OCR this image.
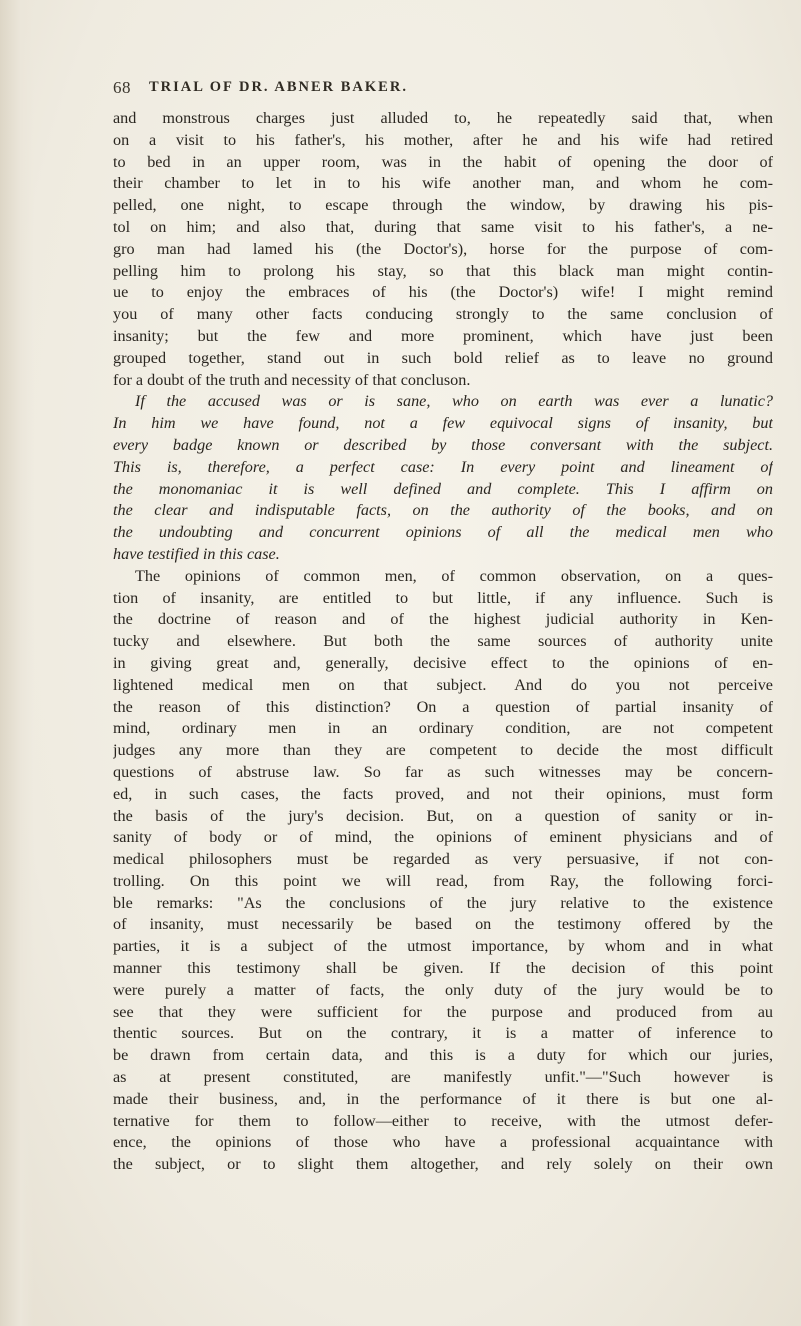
68 TRIAL OF DR. ABNER BAKER.
and monstrous charges just alluded to, he repeatedly said that, when
on a visit to his father's, his mother, after he and his wife had retired
to bed in an upper room, was in the habit of opening the door of
their chamber to let in to his wife another man, and whom he com-
pelled, one night, to escape through the window, by drawing his pis-
tol on him; and also that, during that same visit to his father's, a ne-
gro man had lamed his (the Doctor's), horse for the purpose of com-
pelling him to prolong his stay, so that this black man might contin-
ue to enjoy the embraces of his (the Doctor's) wife! I might remind
you of many other facts conducing strongly to the same conclusion of
insanity; but the few and more prominent, which have just been
grouped together, stand out in such bold relief as to leave no ground
for a doubt of the truth and necessity of that concluson.
If the accused was or is sane, who on earth was ever a lunatic?
In him we have found, not a few equivocal signs of insanity, but
every badge known or described by those conversant with the subject.
This is, therefore, a perfect case: In every point and lineament of
the monomaniac it is well defined and complete. This I affirm on
the clear and indisputable facts, on the authority of the books, and on
the undoubting and concurrent opinions of all the medical men who
have testified in this case.
The opinions of common men, of common observation, on a ques-
tion of insanity, are entitled to but little, if any influence. Such is
the doctrine of reason and of the highest judicial authority in Ken-
tucky and elsewhere. But both the same sources of authority unite
in giving great and, generally, decisive effect to the opinions of en-
lightened medical men on that subject. And do you not perceive
the reason of this distinction? On a question of partial insanity of
mind, ordinary men in an ordinary condition, are not competent
judges any more than they are competent to decide the most difficult
questions of abstruse law. So far as such witnesses may be concern-
ed, in such cases, the facts proved, and not their opinions, must form
the basis of the jury's decision. But, on a question of sanity or in-
sanity of body or of mind, the opinions of eminent physicians and of
medical philosophers must be regarded as very persuasive, if not con-
trolling. On this point we will read, from Ray, the following forci-
ble remarks: "As the conclusions of the jury relative to the existence
of insanity, must necessarily be based on the testimony offered by the
parties, it is a subject of the utmost importance, by whom and in what
manner this testimony shall be given. If the decision of this point
were purely a matter of facts, the only duty of the jury would be to
see that they were sufficient for the purpose and produced from au
thentic sources. But on the contrary, it is a matter of inference to
be drawn from certain data, and this is a duty for which our juries,
as at present constituted, are manifestly unfit."—"Such however is
made their business, and, in the performance of it there is but one al-
ternative for them to follow—either to receive, with the utmost defer-
ence, the opinions of those who have a professional acquaintance with
the subject, or to slight them altogether, and rely solely on their own
